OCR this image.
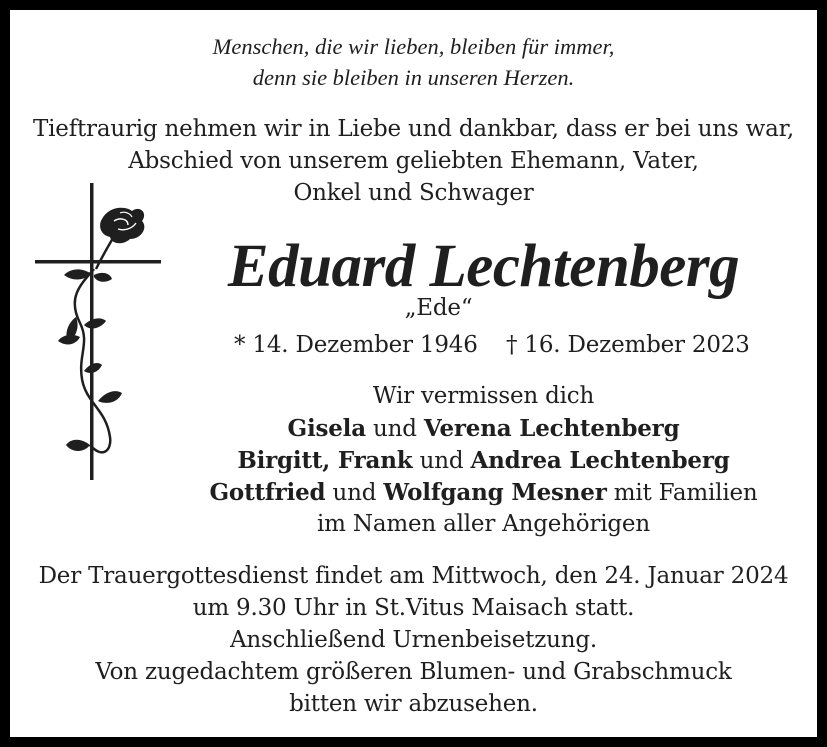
Menschen, die wir lieben, bleiben für immer,
denn sie bleiben in unseren Herzen.
Tieftraurig nehmen wir in Liebe und dankbar, dass er bei uns war,
Abschied von unserem geliebten Ehemann, Vater,
Onkel und Schwager
Eduard Lechtenberg
„Ede“
* 14. Dezember 1946 † 16. Dezember 2023
Wir vermissen dich
Gisela und Verena Lechtenberg
Birgitt, Frank und Andrea Lechtenberg
Gottfried und Wolfgang Mesner mit Familien
im Namen aller Angehörigen
Der Trauergottesdienst findet am Mittwoch, den 24. Januar 2024
um 9.30 Uhr in St.Vitus Maisach statt.
Anschließend Urnenbeisetzung.
Von zugedachtem größeren Blumen- und Grabschmuck
bitten wir abzusehen.
